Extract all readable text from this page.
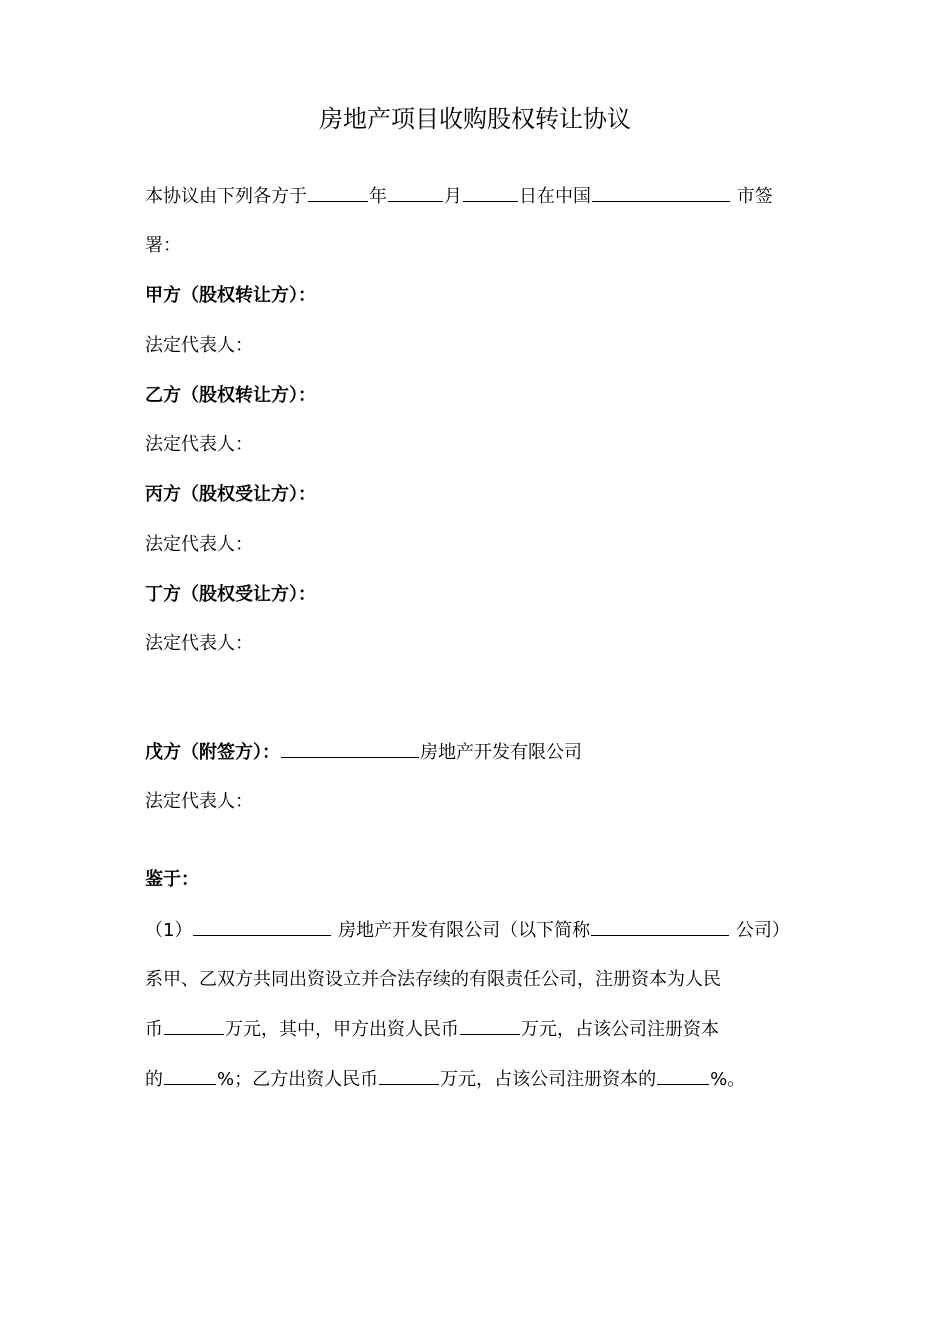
房地产项目收购股权转让协议
本协议由下列各方于	年	月	日在中国	市签
署：
甲方（股权转让方）：
法定代表人：
乙方（股权转让方）：
法定代表人：
丙方（股权受让方）：
法定代表人：
丁方（股权受让方）：
法定代表人：
戊方（附签方）：	房地产开发有限公司
法定代表人：
鉴于：
（1）	房地产开发有限公司（以下简称	公司）
系甲、乙双方共同出资设立并合法存续的有限责任公司，注册资本为人民
币	万元，其中，甲方出资人民币	万元，占该公司注册资本
的	%；乙方出资人民币	万元，占该公司注册资本的	%。
